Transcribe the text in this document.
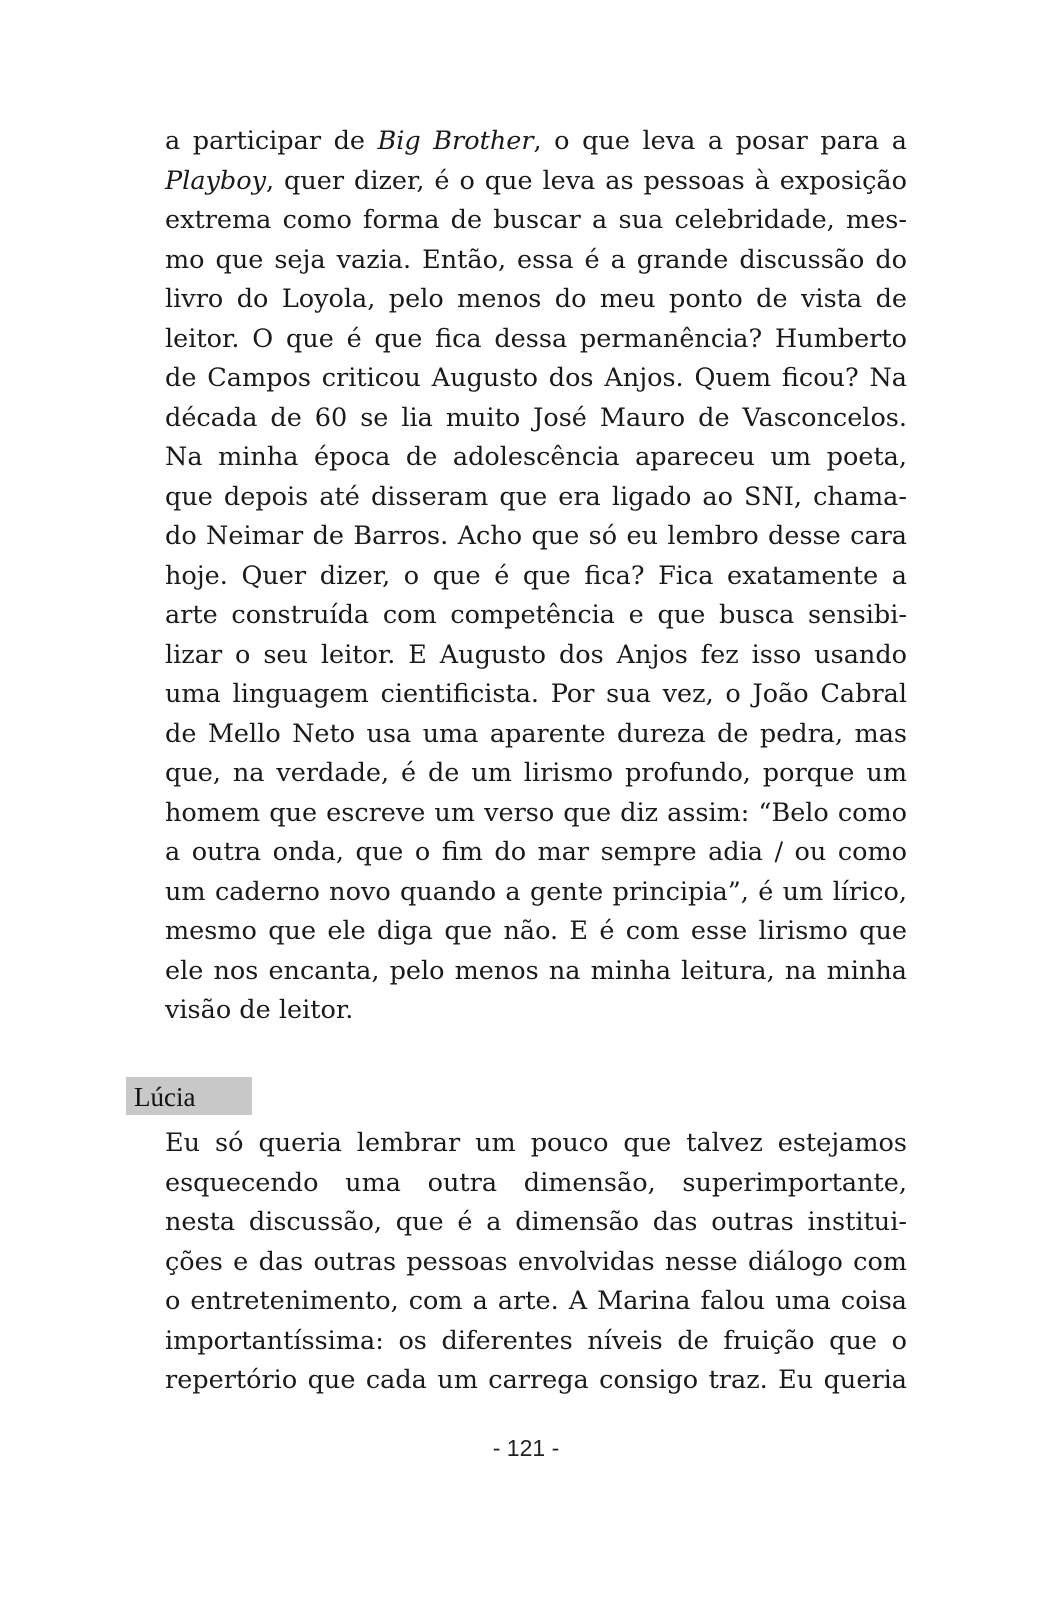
a participar de Big Brother, o que leva a posar para a
Playboy, quer dizer, é o que leva as pessoas à exposição
extrema como forma de buscar a sua celebridade, mes-
mo que seja vazia. Então, essa é a grande discussão do
livro do Loyola, pelo menos do meu ponto de vista de
leitor. O que é que fica dessa permanência? Humberto
de Campos criticou Augusto dos Anjos. Quem ficou? Na
década de 60 se lia muito José Mauro de Vasconcelos.
Na minha época de adolescência apareceu um poeta,
que depois até disseram que era ligado ao SNI, chama-
do Neimar de Barros. Acho que só eu lembro desse cara
hoje. Quer dizer, o que é que fica? Fica exatamente a
arte construída com competência e que busca sensibi-
lizar o seu leitor. E Augusto dos Anjos fez isso usando
uma linguagem cientificista. Por sua vez, o João Cabral
de Mello Neto usa uma aparente dureza de pedra, mas
que, na verdade, é de um lirismo profundo, porque um
homem que escreve um verso que diz assim: “Belo como
a outra onda, que o fim do mar sempre adia / ou como
um caderno novo quando a gente principia”, é um lírico,
mesmo que ele diga que não. E é com esse lirismo que
ele nos encanta, pelo menos na minha leitura, na minha
visão de leitor.

Lúcia

Eu só queria lembrar um pouco que talvez estejamos
esquecendo uma outra dimensão, superimportante,
nesta discussão, que é a dimensão das outras institui-
ções e das outras pessoas envolvidas nesse diálogo com
o entretenimento, com a arte. A Marina falou uma coisa
importantíssima: os diferentes níveis de fruição que o
repertório que cada um carrega consigo traz. Eu queria

- 121 -
